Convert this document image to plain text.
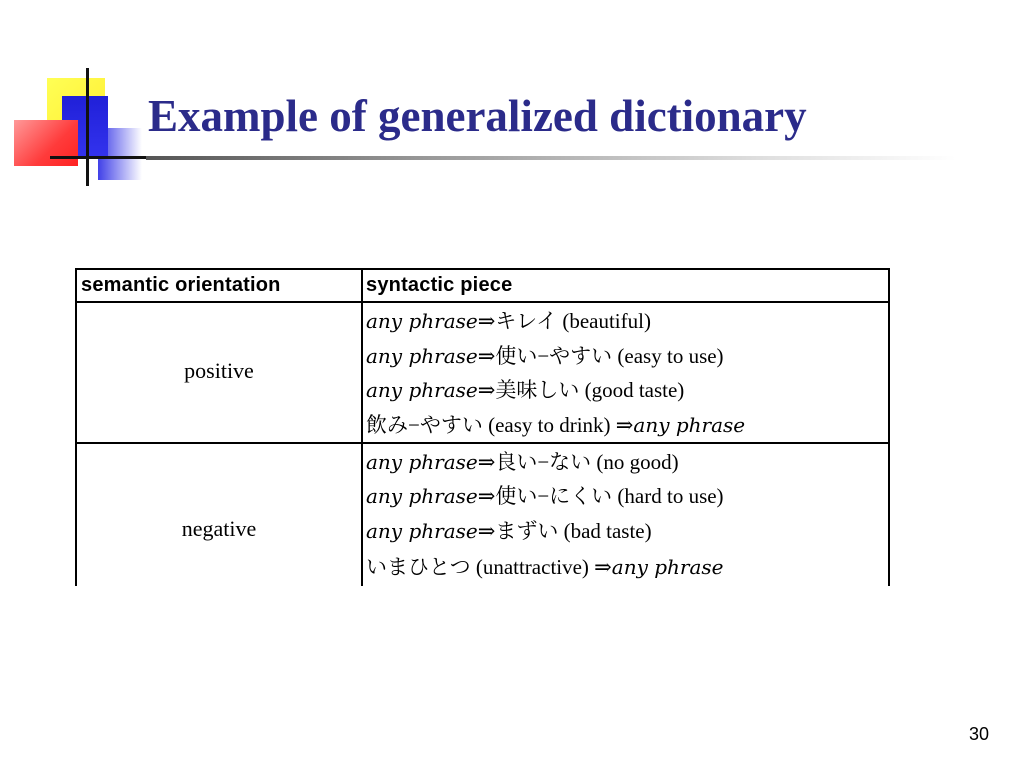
Example of generalized dictionary
semantic orientation	syntactic piece
positive
any phrase⇒キレイ (beautiful)
any phrase⇒使い−やすい (easy to use)
any phrase⇒美味しい (good taste)
飲み−やすい (easy to drink) ⇒any phrase
negative
any phrase⇒良い−ない (no good)
any phrase⇒使い−にくい (hard to use)
any phrase⇒まずい (bad taste)
いまひとつ (unattractive) ⇒any phrase
30
